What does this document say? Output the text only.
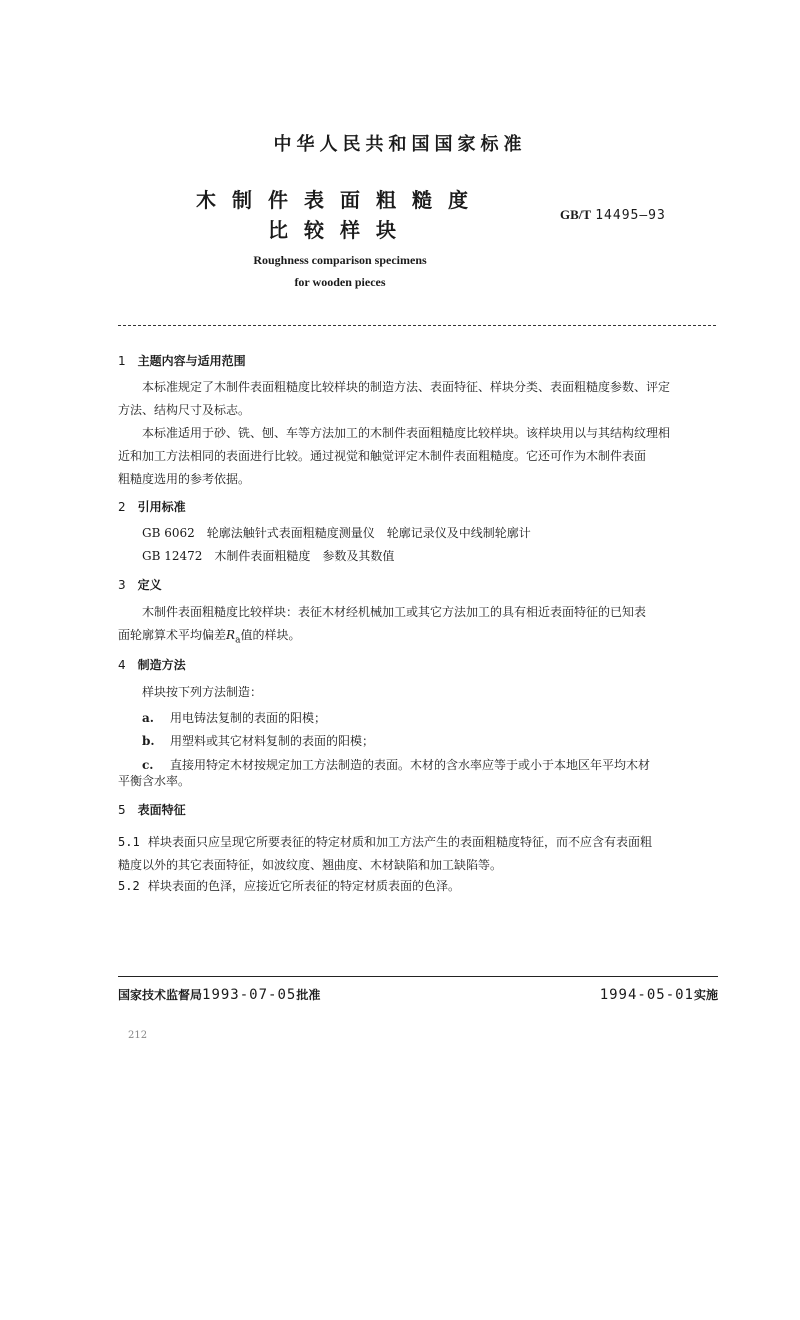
中华人民共和国国家标准
木制件表面粗糙度
比较样块
GB/T 14495—93
Roughness comparison specimens
for wooden pieces
1 主题内容与适用范围
本标准规定了木制件表面粗糙度比较样块的制造方法、表面特征、样块分类、表面粗糙度参数、评定
方法、结构尺寸及标志。
本标准适用于砂、铣、刨、车等方法加工的木制件表面粗糙度比较样块。该样块用以与其结构纹理相
近和加工方法相同的表面进行比较。通过视觉和触觉评定木制件表面粗糙度。它还可作为木制件表面
粗糙度选用的参考依据。
2 引用标准
GB 6062　轮廓法触针式表面粗糙度测量仪　轮廓记录仪及中线制轮廓计
GB 12472　木制件表面粗糙度　参数及其数值
3 定义
木制件表面粗糙度比较样块：表征木材经机械加工或其它方法加工的具有相近表面特征的已知表
面轮廓算术平均偏差$R_a$值的样块。
4 制造方法
样块按下列方法制造：
a. 用电铸法复制的表面的阳模；
b. 用塑料或其它材料复制的表面的阳模；
c. 直接用特定木材按规定加工方法制造的表面。木材的含水率应等于或小于本地区年平均木材
平衡含水率。
5 表面特征
5.1 样块表面只应呈现它所要表征的特定材质和加工方法产生的表面粗糙度特征，而不应含有表面粗
糙度以外的其它表面特征，如波纹度、翘曲度、木材缺陷和加工缺陷等。
5.2 样块表面的色泽，应接近它所表征的特定材质表面的色泽。
国家技术监督局1993-07-05批准	1994-05-01实施
212
